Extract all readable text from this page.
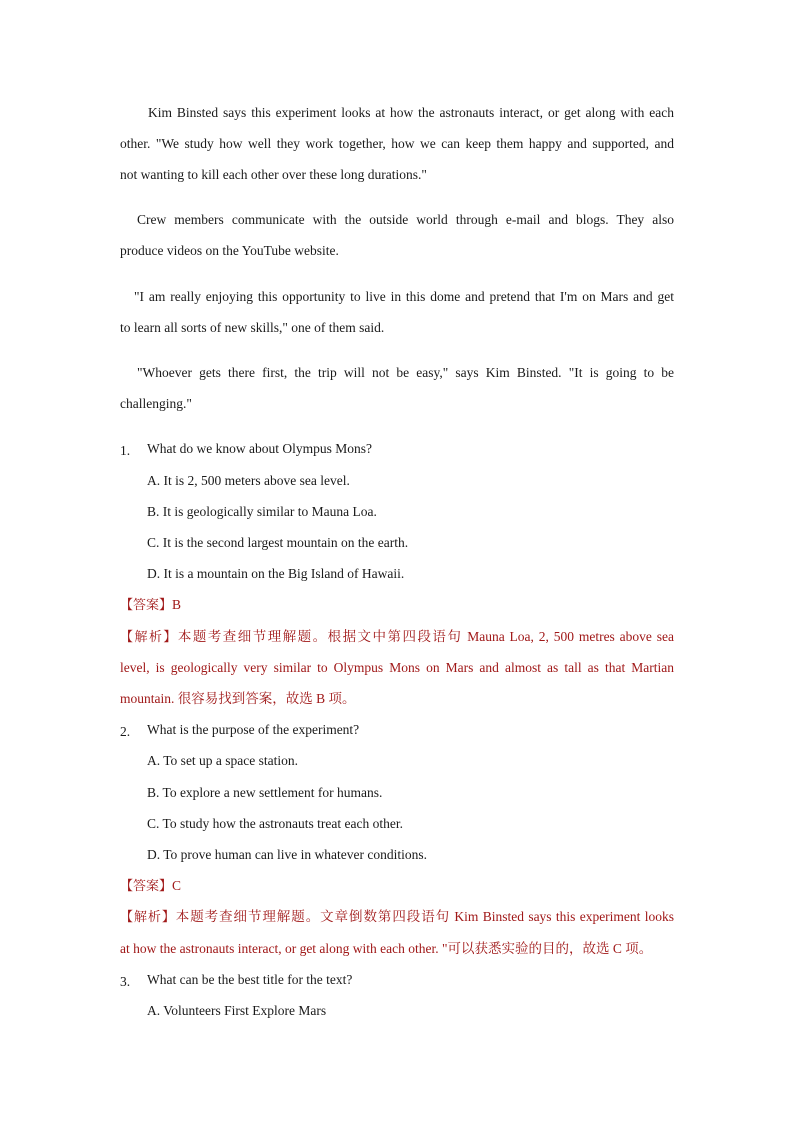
Kim Binsted says this experiment looks at how the astronauts interact, or get along with each
other. "We study how well they work together, how we can keep them happy and supported, and
not wanting to kill each other over these long durations."
Crew members communicate with the outside world through e-mail and blogs. They also
produce videos on the YouTube website.
"I am really enjoying this opportunity to live in this dome and pretend that I'm on Mars and get
to learn all sorts of new skills," one of them said.
"Whoever gets there first, the trip will not be easy," says Kim Binsted. "It is going to be
challenging."
1. What do we know about Olympus Mons?
A. It is 2, 500 meters above sea level.
B. It is geologically similar to Mauna Loa.
C. It is the second largest mountain on the earth.
D. It is a mountain on the Big Island of Hawaii.
【答案】B
【解析】本题考查细节理解题。根据文中第四段语句 Mauna Loa, 2, 500 metres above sea
level, is geologically very similar to Olympus Mons on Mars and almost as tall as that Martian
mountain. 很容易找到答案，故选 B 项。
2. What is the purpose of the experiment?
A. To set up a space station.
B. To explore a new settlement for humans.
C. To study how the astronauts treat each other.
D. To prove human can live in whatever conditions.
【答案】C
【解析】本题考查细节理解题。文章倒数第四段语句 Kim Binsted says this experiment looks
at how the astronauts interact, or get along with each other. "可以获悉实验的目的，故选 C 项。
3. What can be the best title for the text?
A. Volunteers First Explore Mars
